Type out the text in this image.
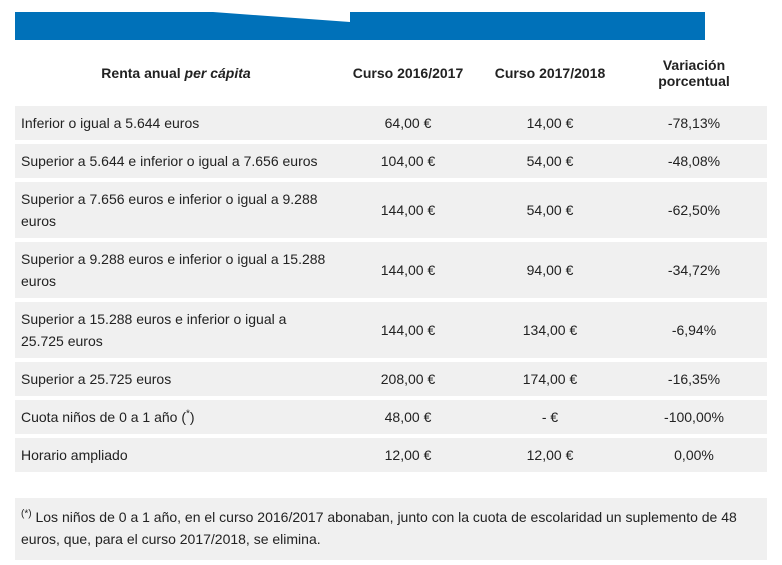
Renta anual per cápita	Curso 2016/2017	Curso 2017/2018	Variación
porcentual
Inferior o igual a 5.644 euros	64,00 €	14,00 €	-78,13%
Superior a 5.644 e inferior o igual a 7.656 euros	104,00 €	54,00 €	-48,08%
Superior a 7.656 euros e inferior o igual a 9.288 euros	144,00 €	54,00 €	-62,50%
Superior a 9.288 euros e inferior o igual a 15.288 euros	144,00 €	94,00 €	-34,72%
Superior a 15.288 euros e inferior o igual a 25.725 euros	144,00 €	134,00 €	-6,94%
Superior a 25.725 euros	208,00 €	174,00 €	-16,35%
Cuota niños de 0 a 1 año (*)	48,00 €	- €	-100,00%
Horario ampliado	12,00 €	12,00 €	0,00%
(*) Los niños de 0 a 1 año, en el curso 2016/2017 abonaban, junto con la cuota de escolaridad un suplemento de 48 euros, que, para el curso 2017/2018, se elimina.
